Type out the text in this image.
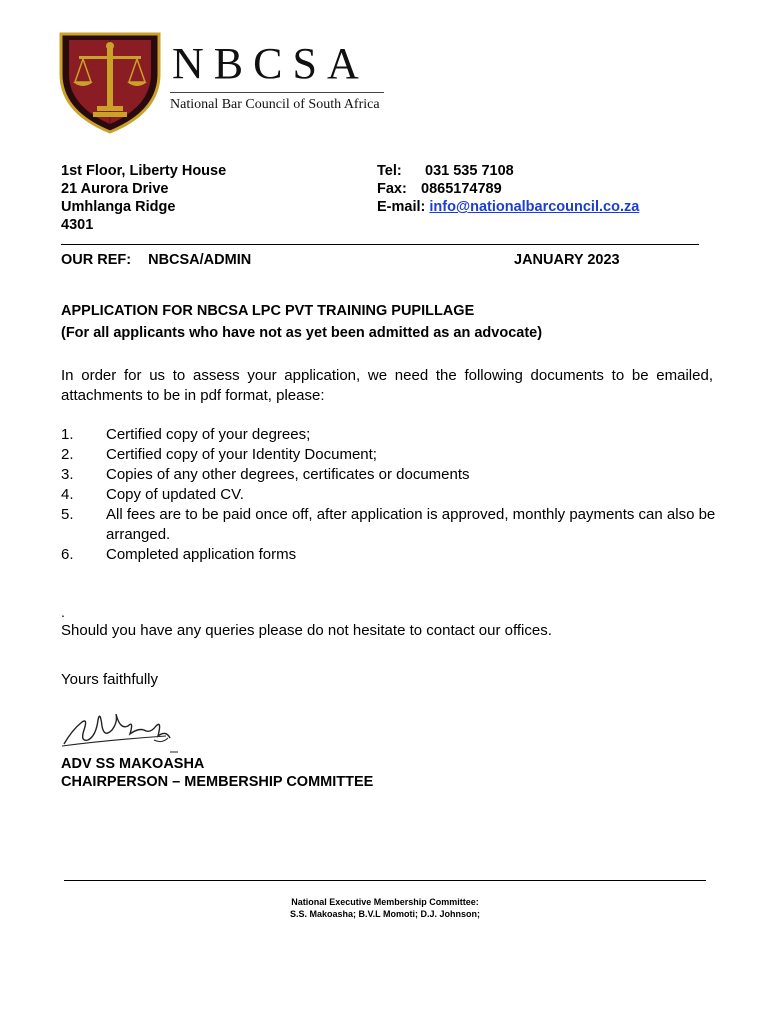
NBCSA
National Bar Council of South Africa
1st Floor, Liberty House
21 Aurora Drive
Umhlanga Ridge
4301
Tel: 031 535 7108
Fax: 0865174789
E-mail: info@nationalbarcouncil.co.za
OUR REF: NBCSA/ADMIN	JANUARY 2023
APPLICATION FOR NBCSA LPC PVT TRAINING PUPILLAGE
(For all applicants who have not as yet been admitted as an advocate)
In order for us to assess your application, we need the following documents to be emailed, attachments to be in pdf format, please:
1.	Certified copy of your degrees;
2.	Certified copy of your Identity Document;
3.	Copies of any other degrees, certificates or documents
4.	Copy of updated CV.
5.	All fees are to be paid once off, after application is approved, monthly payments can also be arranged.
6.	Completed application forms
.
Should you have any queries please do not hesitate to contact our offices.
Yours faithfully
ADV SS MAKOASHA
CHAIRPERSON – MEMBERSHIP COMMITTEE
National Executive Membership Committee:
S.S. Makoasha; B.V.L Momoti; D.J. Johnson;
